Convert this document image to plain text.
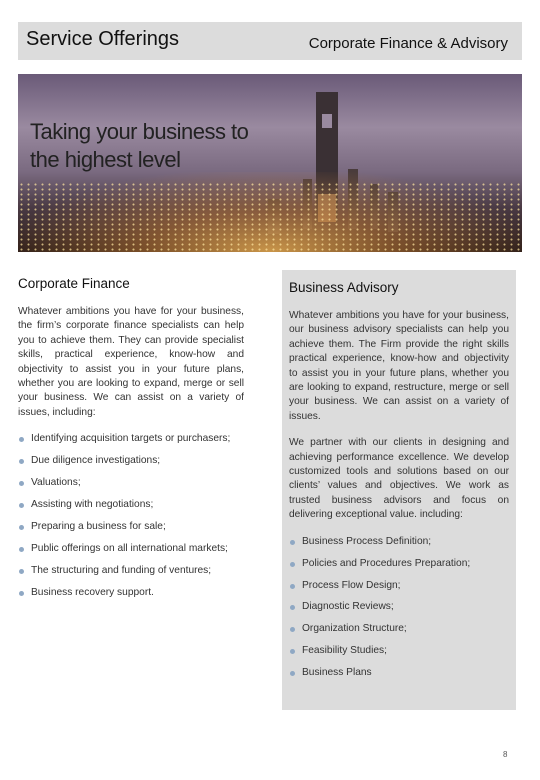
Service Offerings	Corporate Finance & Advisory
Taking your business to
the highest level
Corporate Finance

Whatever ambitions you have for your business, the firm’s corporate finance specialists can help you to achieve them. They can provide specialist skills, practical experience, know-how and objectivity to assist you in your future plans, whether you are looking to expand, merge or sell your business. We can assist on a variety of issues, including:

Identifying acquisition targets or purchasers;
Due diligence investigations;
Valuations;
Assisting with negotiations;
Preparing a business for sale;
Public offerings on all international markets;
The structuring and funding of ventures;
Business recovery support.
Business Advisory

Whatever ambitions you have for your business, our business advisory specialists can help you achieve them. The Firm provide the right skills practical experience, know-how and objectivity to assist you in your future plans, whether you are looking to expand, restructure, merge or sell your business. We can assist on a variety of issues.

We partner with our clients in designing and achieving performance excellence. We develop customized tools and solutions based on our clients’ values and objectives. We work as trusted business advisors and focus on delivering exceptional value. including:

Business Process Definition;
Policies and Procedures Preparation;
Process Flow Design;
Diagnostic Reviews;
Organization Structure;
Feasibility Studies;
Business Plans
8
